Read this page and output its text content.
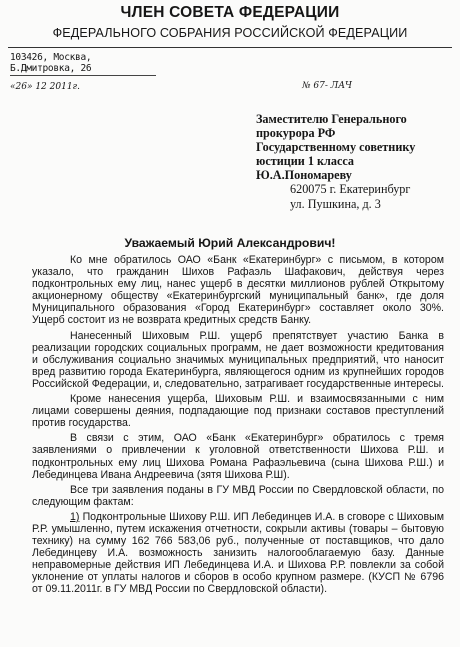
ЧЛЕН СОВЕТА ФЕДЕРАЦИИ
ФЕДЕРАЛЬНОГО СОБРАНИЯ РОССИЙСКОЙ ФЕДЕРАЦИИ
103426, Москва, Б.Дмитровка, 26
«26» 12 2011г.	№ 67- ЛАЧ
Заместителю Генерального
прокурора РФ
Государственному советнику
юстиции 1 класса
Ю.А.Пономареву
620075 г. Екатеринбург
ул. Пушкина, д. 3
Уважаемый Юрий Александрович!

Ко мне обратилось ОАО «Банк «Екатеринбург» с письмом, в котором указало, что гражданин Шихов Рафаэль Шафакович, действуя через подконтрольных ему лиц, нанес ущерб в десятки миллионов рублей Открытому акционерному обществу «Екатеринбургский муниципальный банк», где доля Муниципального образования «Город Екатеринбург» составляет около 30%. Ущерб состоит из не возврата кредитных средств Банку.

Нанесенный Шиховым Р.Ш. ущерб препятствует участию Банка в реализации городских социальных программ, не дает возможности кредитования и обслуживания социально значимых муниципальных предприятий, что наносит вред развитию города Екатеринбурга, являющегося одним из крупнейших городов Российской Федерации, и, следовательно, затрагивает государственные интересы.

Кроме нанесения ущерба, Шиховым Р.Ш. и взаимосвязанными с ним лицами совершены деяния, подпадающие под признаки составов преступлений против государства.

В связи с этим, ОАО «Банк «Екатеринбург» обратилось с тремя заявлениями о привлечении к уголовной ответственности Шихова Р.Ш. и подконтрольных ему лиц Шихова Романа Рафаэльевича (сына Шихова Р.Ш.) и Лебединцева Ивана Андреевича (зятя Шихова Р.Ш).

Все три заявления поданы в ГУ МВД России по Свердловской области, по следующим фактам:

1) Подконтрольные Шихову Р.Ш. ИП Лебединцев И.А. в сговоре с Шиховым Р.Р. умышленно, путем искажения отчетности, сокрыли активы (товары – бытовую технику) на сумму 162 766 583,06 руб., полученные от поставщиков, что дало Лебединцеву И.А. возможность занизить налогооблагаемую базу. Данные неправомерные действия ИП Лебединцева И.А. и Шихова Р.Р. повлекли за собой уклонение от уплаты налогов и сборов в особо крупном размере. (КУСП № 6796 от 09.11.2011г. в ГУ МВД России по Свердловской области).
